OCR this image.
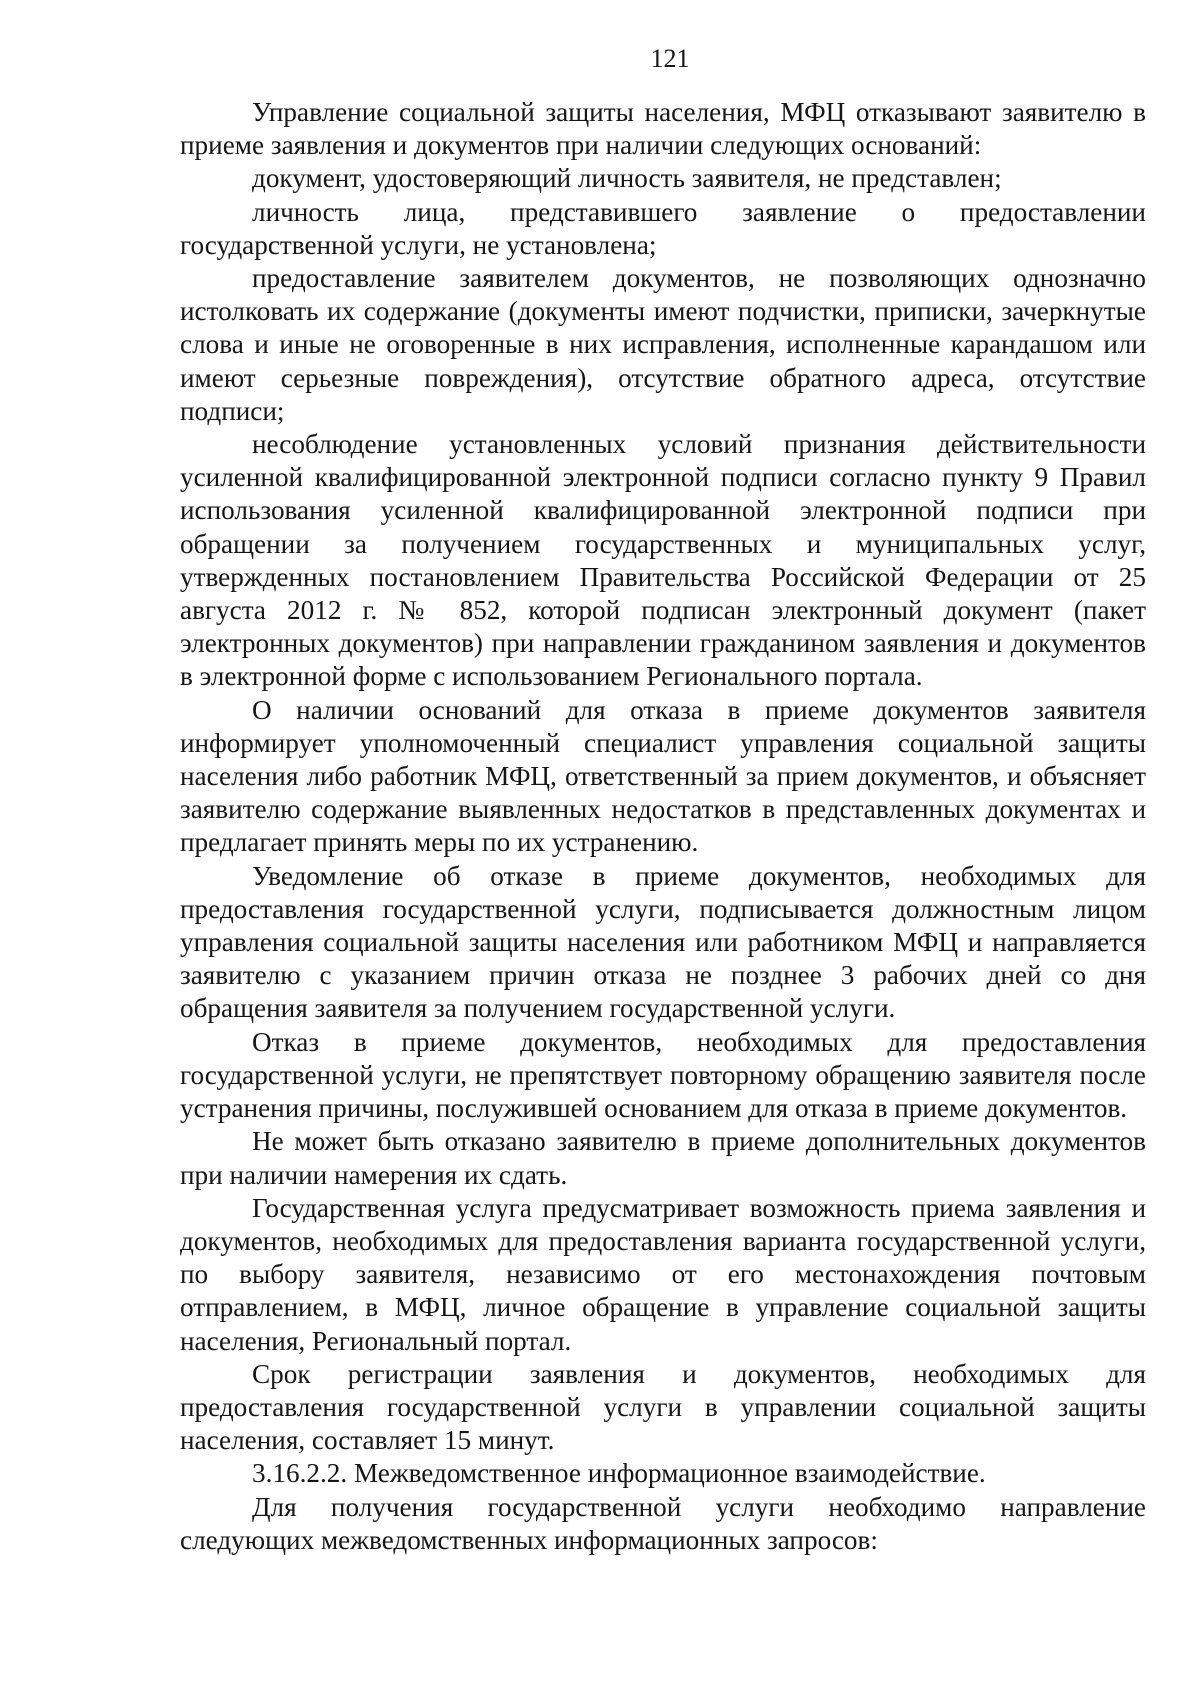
121

Управление социальной защиты населения, МФЦ отказывают заявителю в приеме заявления и документов при наличии следующих оснований:

документ, удостоверяющий личность заявителя, не представлен;

личность лица, представившего заявление о предоставлении государственной услуги, не установлена;

предоставление заявителем документов, не позволяющих однозначно истолковать их содержание (документы имеют подчистки, приписки, зачеркнутые слова и иные не оговоренные в них исправления, исполненные карандашом или имеют серьезные повреждения), отсутствие обратного адреса, отсутствие подписи;

несоблюдение установленных условий признания действительности усиленной квалифицированной электронной подписи согласно пункту 9 Правил использования усиленной квалифицированной электронной подписи при обращении за получением государственных и муниципальных услуг, утвержденных постановлением Правительства Российской Федерации от 25 августа 2012 г. № 852, которой подписан электронный документ (пакет электронных документов) при направлении гражданином заявления и документов в электронной форме с использованием Регионального портала.

О наличии оснований для отказа в приеме документов заявителя информирует уполномоченный специалист управления социальной защиты населения либо работник МФЦ, ответственный за прием документов, и объясняет заявителю содержание выявленных недостатков в представленных документах и предлагает принять меры по их устранению.

Уведомление об отказе в приеме документов, необходимых для предоставления государственной услуги, подписывается должностным лицом управления социальной защиты населения или работником МФЦ и направляется заявителю с указанием причин отказа не позднее 3 рабочих дней со дня обращения заявителя за получением государственной услуги.

Отказ в приеме документов, необходимых для предоставления государственной услуги, не препятствует повторному обращению заявителя после устранения причины, послужившей основанием для отказа в приеме документов.

Не может быть отказано заявителю в приеме дополнительных документов при наличии намерения их сдать.

Государственная услуга предусматривает возможность приема заявления и документов, необходимых для предоставления варианта государственной услуги, по выбору заявителя, независимо от его местонахождения почтовым отправлением, в МФЦ, личное обращение в управление социальной защиты населения, Региональный портал.

Срок регистрации заявления и документов, необходимых для предоставления государственной услуги в управлении социальной защиты населения, составляет 15 минут.

3.16.2.2. Межведомственное информационное взаимодействие.

Для получения государственной услуги необходимо направление следующих межведомственных информационных запросов:
